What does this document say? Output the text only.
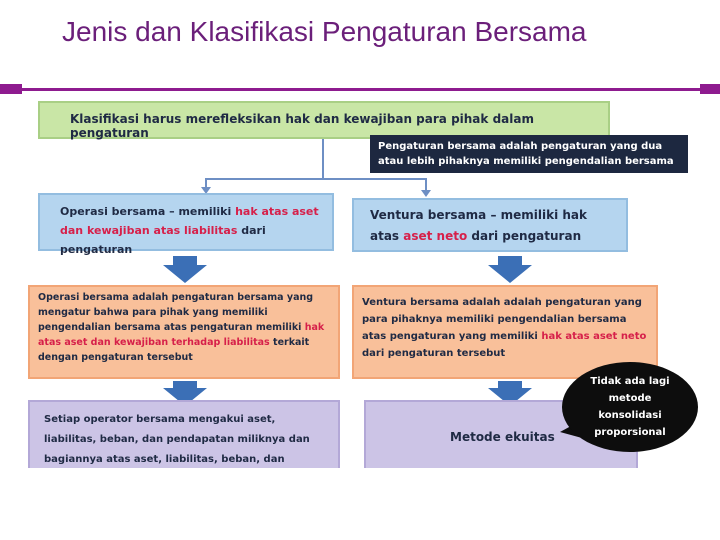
Jenis dan Klasifikasi Pengaturan Bersama
Klasifikasi harus merefleksikan hak dan kewajiban para pihak dalam pengaturan
Pengaturan bersama adalah pengaturan yang dua atau lebih pihaknya memiliki pengendalian bersama
Operasi bersama – memiliki hak atas aset dan kewajiban atas liabilitas dari pengaturan
Ventura bersama – memiliki hak atas aset neto dari pengaturan
Operasi bersama adalah pengaturan bersama yang mengatur bahwa para pihak yang memiliki pengendalian bersama atas pengaturan memiliki hak atas aset dan kewajiban terhadap liabilitas terkait dengan pengaturan tersebut
Ventura bersama adalah adalah pengaturan yang para pihaknya memiliki pengendalian bersama atas pengaturan yang memiliki hak atas aset neto dari pengaturan tersebut
Setiap operator bersama mengakui aset, liabilitas, beban, dan pendapatan miliknya dan bagiannya atas aset, liabilitas, beban, dan
Metode ekuitas
Tidak ada lagi metode konsolidasi proporsional
